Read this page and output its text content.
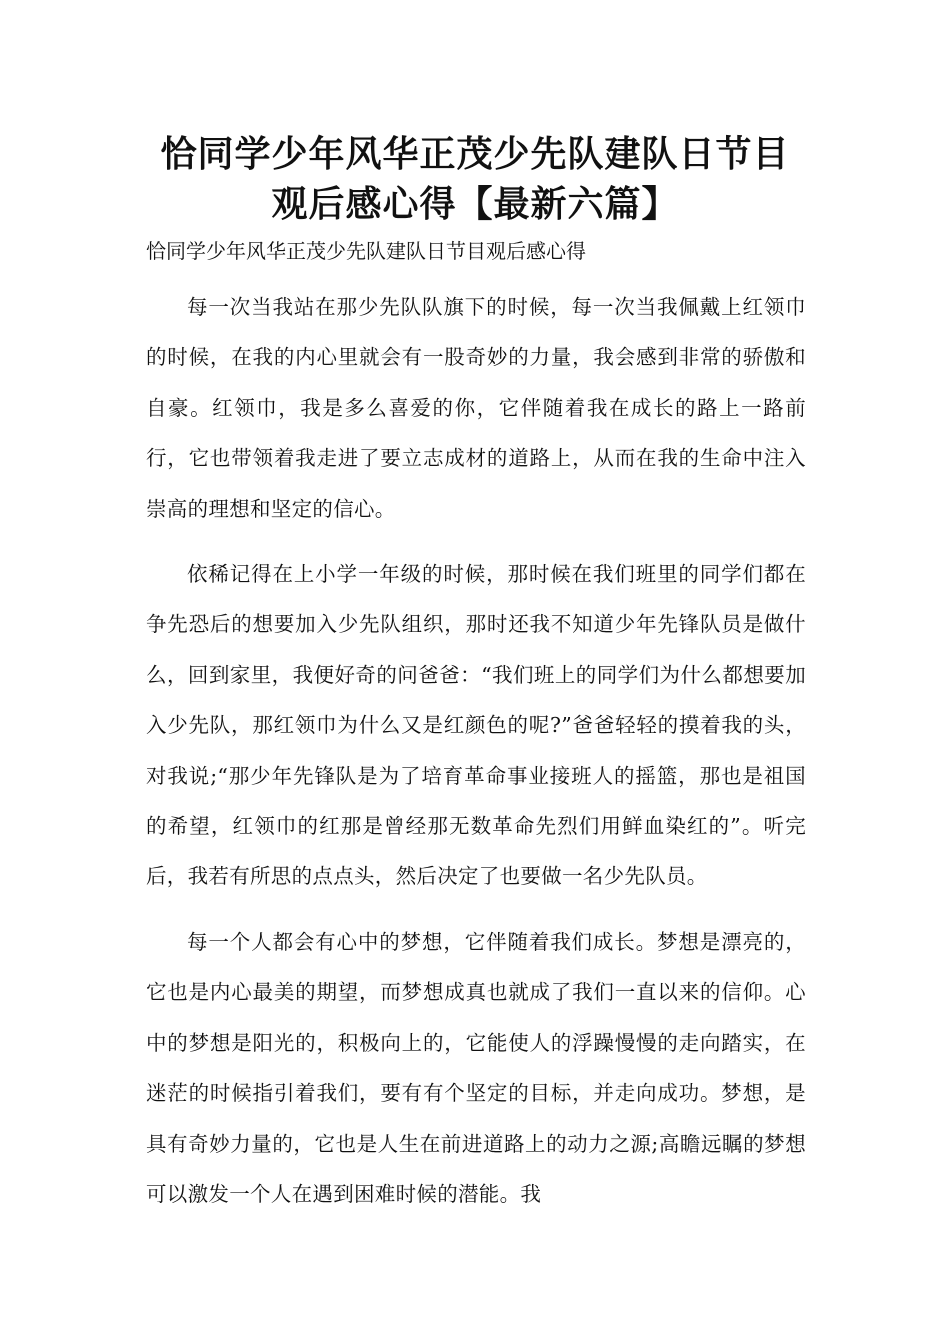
恰同学少年风华正茂少先队建队日节目
观后感心得【最新六篇】

恰同学少年风华正茂少先队建队日节目观后感心得

每一次当我站在那少先队队旗下的时候，每一次当我佩戴上红领巾的时候，在我的内心里就会有一股奇妙的力量，我会感到非常的骄傲和自豪。红领巾，我是多么喜爱的你，它伴随着我在成长的路上一路前行，它也带领着我走进了要立志成材的道路上，从而在我的生命中注入崇高的理想和坚定的信心。

依稀记得在上小学一年级的时候，那时候在我们班里的同学们都在争先恐后的想要加入少先队组织，那时还我不知道少年先锋队员是做什么，回到家里，我便好奇的问爸爸：“我们班上的同学们为什么都想要加入少先队，那红领巾为什么又是红颜色的呢?”爸爸轻轻的摸着我的头，对我说;“那少年先锋队是为了培育革命事业接班人的摇篮，那也是祖国的希望，红领巾的红那是曾经那无数革命先烈们用鲜血染红的”。听完后，我若有所思的点点头，然后决定了也要做一名少先队员。

每一个人都会有心中的梦想，它伴随着我们成长。梦想是漂亮的，它也是内心最美的期望，而梦想成真也就成了我们一直以来的信仰。心中的梦想是阳光的，积极向上的，它能使人的浮躁慢慢的走向踏实，在迷茫的时候指引着我们，要有有个坚定的目标，并走向成功。梦想，是具有奇妙力量的，它也是人生在前进道路上的动力之源;高瞻远瞩的梦想可以激发一个人在遇到困难时候的潜能。我
